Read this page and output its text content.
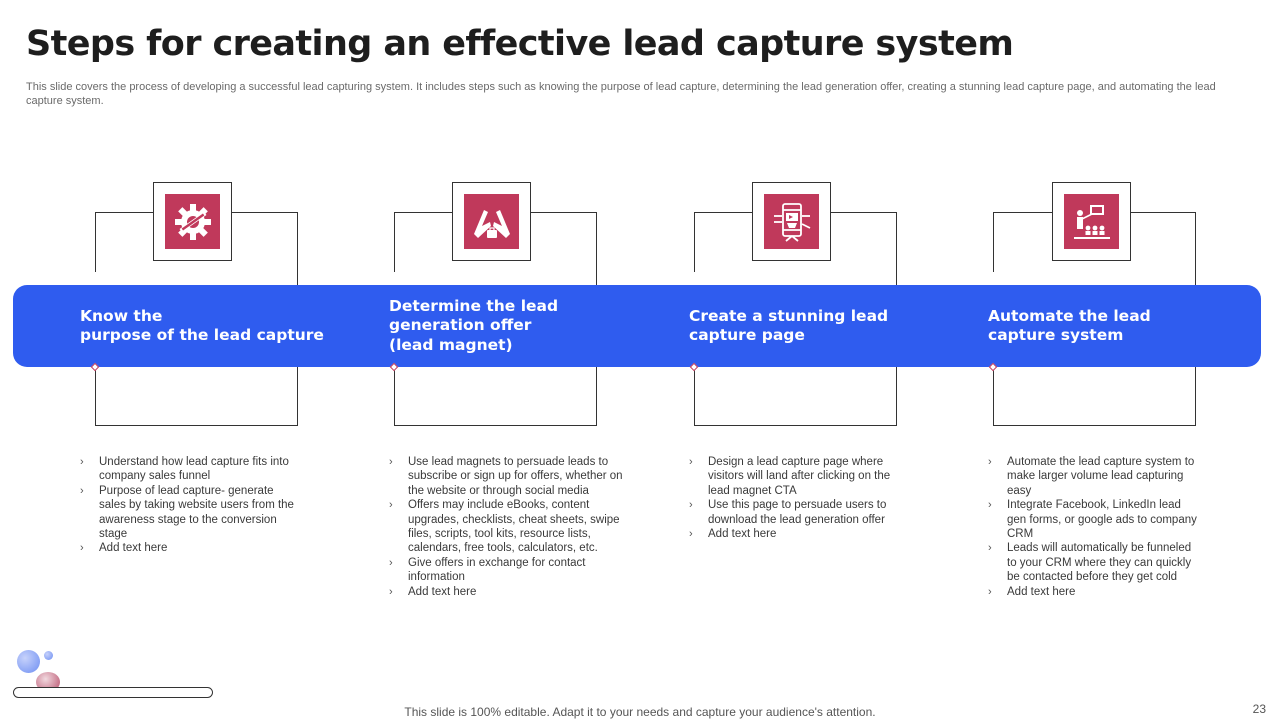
Steps for creating an effective lead capture system
This slide covers the process of developing a successful lead capturing system. It includes steps such as knowing the purpose of lead capture, determining the lead generation offer, creating a stunning lead capture page, and automating the lead capture system.
Know the
purpose of the lead capture
Determine the lead
generation offer
(lead magnet)
Create a stunning lead
capture page
Automate the lead
capture system
› Understand how lead capture fits into company sales funnel
› Purpose of lead capture- generate sales by taking website users from the awareness stage to the conversion stage
› Add text here
› Use lead magnets to persuade leads to subscribe or sign up for offers, whether on the website or through social media
› Offers may include eBooks, content upgrades, checklists, cheat sheets, swipe files, scripts, tool kits, resource lists, calendars, free tools, calculators, etc.
› Give offers in exchange for contact information
› Add text here
› Design a lead capture page where visitors will land after clicking on the lead magnet CTA
› Use this page to persuade users to download the lead generation offer
› Add text here
› Automate the lead capture system to make larger volume lead capturing easy
› Integrate Facebook, LinkedIn lead gen forms, or google ads to company CRM
› Leads will automatically be funneled to your CRM where they can quickly be contacted before they get cold
› Add text here
This slide is 100% editable. Adapt it to your needs and capture your audience's attention.	23
